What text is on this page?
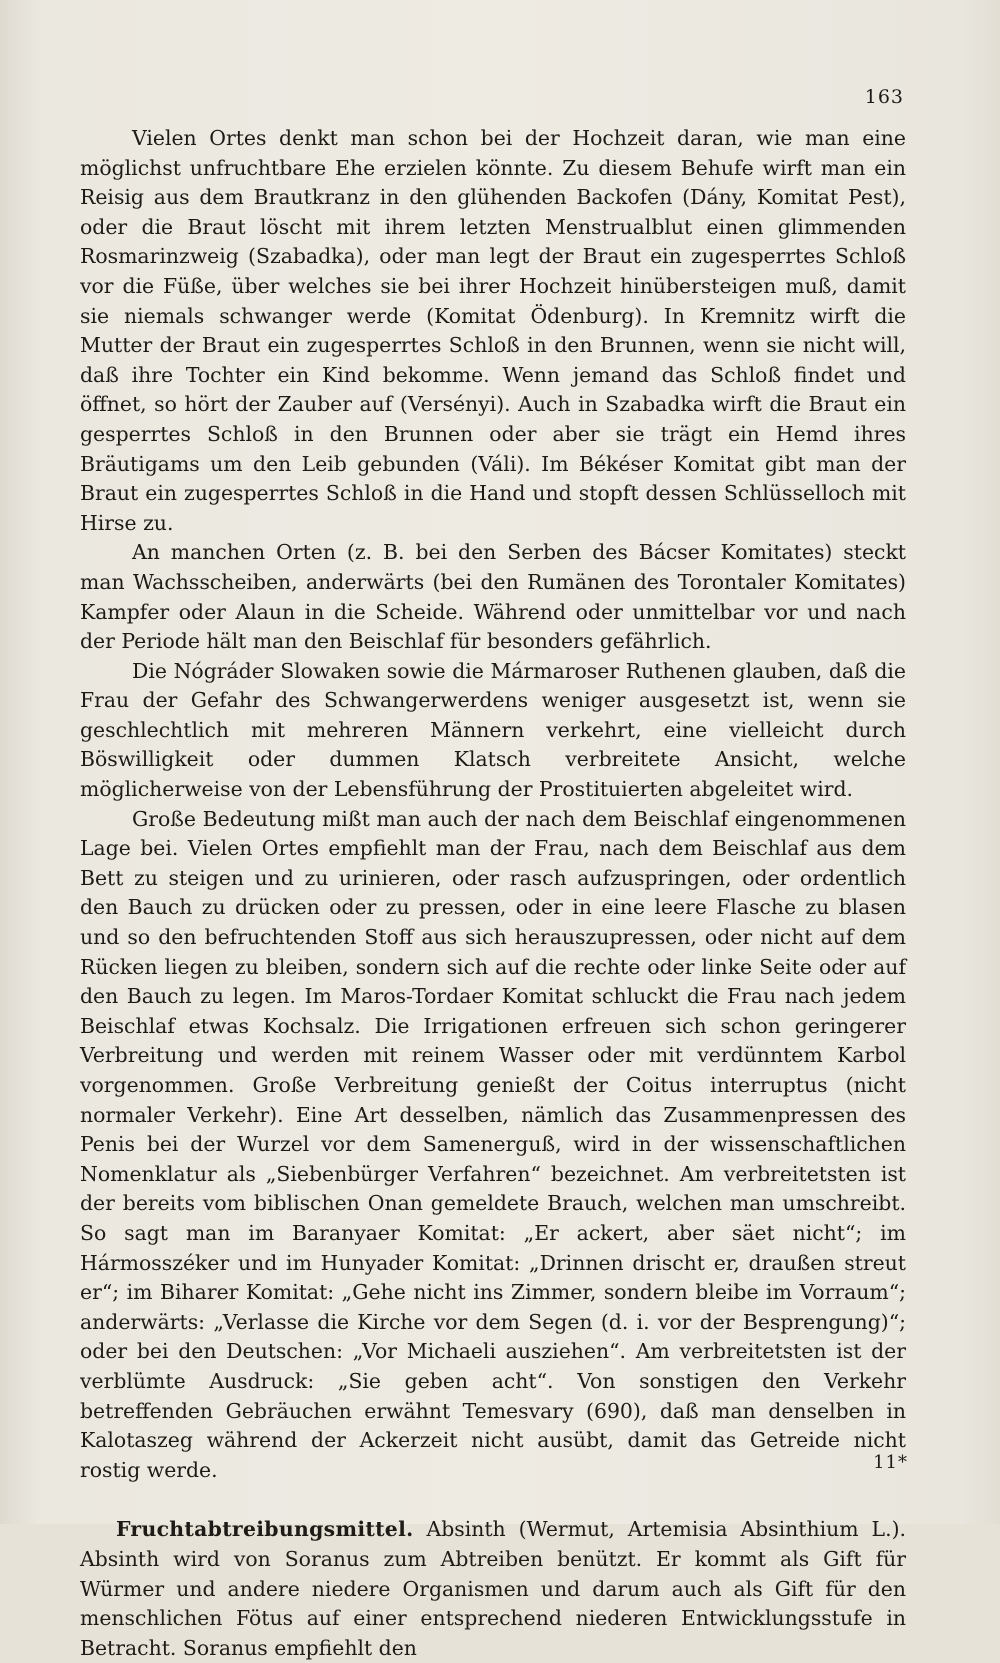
163

Vielen Ortes denkt man schon bei der Hochzeit daran, wie man eine möglichst unfruchtbare Ehe erzielen könnte. Zu diesem Behufe wirft man ein Reisig aus dem Brautkranz in den glühenden Backofen (Dány, Komitat Pest), oder die Braut löscht mit ihrem letzten Menstrualblut einen glimmenden Rosmarinzweig (Szabadka), oder man legt der Braut ein zugesperrtes Schloß vor die Füße, über welches sie bei ihrer Hochzeit hinübersteigen muß, damit sie niemals schwanger werde (Komitat Ödenburg). In Kremnitz wirft die Mutter der Braut ein zugesperrtes Schloß in den Brunnen, wenn sie nicht will, daß ihre Tochter ein Kind bekomme. Wenn jemand das Schloß findet und öffnet, so hört der Zauber auf (Versényi). Auch in Szabadka wirft die Braut ein gesperrtes Schloß in den Brunnen oder aber sie trägt ein Hemd ihres Bräutigams um den Leib gebunden (Váli). Im Békéser Komitat gibt man der Braut ein zugesperrtes Schloß in die Hand und stopft dessen Schlüsselloch mit Hirse zu.

An manchen Orten (z. B. bei den Serben des Bácser Komitates) steckt man Wachsscheiben, anderwärts (bei den Rumänen des Torontaler Komitates) Kampfer oder Alaun in die Scheide. Während oder unmittelbar vor und nach der Periode hält man den Beischlaf für besonders gefährlich.

Die Nógráder Slowaken sowie die Mármaroser Ruthenen glauben, daß die Frau der Gefahr des Schwangerwerdens weniger ausgesetzt ist, wenn sie geschlechtlich mit mehreren Männern verkehrt, eine vielleicht durch Böswilligkeit oder dummen Klatsch verbreitete Ansicht, welche möglicherweise von der Lebensführung der Prostituierten abgeleitet wird.

Große Bedeutung mißt man auch der nach dem Beischlaf eingenommenen Lage bei. Vielen Ortes empfiehlt man der Frau, nach dem Beischlaf aus dem Bett zu steigen und zu urinieren, oder rasch aufzuspringen, oder ordentlich den Bauch zu drücken oder zu pressen, oder in eine leere Flasche zu blasen und so den befruchtenden Stoff aus sich herauszupressen, oder nicht auf dem Rücken liegen zu bleiben, sondern sich auf die rechte oder linke Seite oder auf den Bauch zu legen. Im Maros-Tordaer Komitat schluckt die Frau nach jedem Beischlaf etwas Kochsalz. Die Irrigationen erfreuen sich schon geringerer Verbreitung und werden mit reinem Wasser oder mit verdünntem Karbol vorgenommen. Große Verbreitung genießt der Coitus interruptus (nicht normaler Verkehr). Eine Art desselben, nämlich das Zusammenpressen des Penis bei der Wurzel vor dem Samenerguß, wird in der wissenschaftlichen Nomenklatur als „Siebenbürger Verfahren“ bezeichnet. Am verbreitetsten ist der bereits vom biblischen Onan gemeldete Brauch, welchen man umschreibt. So sagt man im Baranyaer Komitat: „Er ackert, aber säet nicht“; im Hármosszéker und im Hunyader Komitat: „Drinnen drischt er, draußen streut er“; im Biharer Komitat: „Gehe nicht ins Zimmer, sondern bleibe im Vorraum“; anderwärts: „Verlasse die Kirche vor dem Segen (d. i. vor der Besprengung)“; oder bei den Deutschen: „Vor Michaeli ausziehen“. Am verbreitetsten ist der verblümte Ausdruck: „Sie geben acht“. Von sonstigen den Verkehr betreffenden Gebräuchen erwähnt Temesvary (690), daß man denselben in Kalotaszeg während der Ackerzeit nicht ausübt, damit das Getreide nicht rostig werde.

Fruchtabtreibungsmittel. Absinth (Wermut, Artemisia Absinthium L.). Absinth wird von Soranus zum Abtreiben benützt. Er kommt als Gift für Würmer und andere niedere Organismen und darum auch als Gift für den menschlichen Fötus auf einer entsprechend niederen Entwicklungsstufe in Betracht. Soranus empfiehlt den

11*
